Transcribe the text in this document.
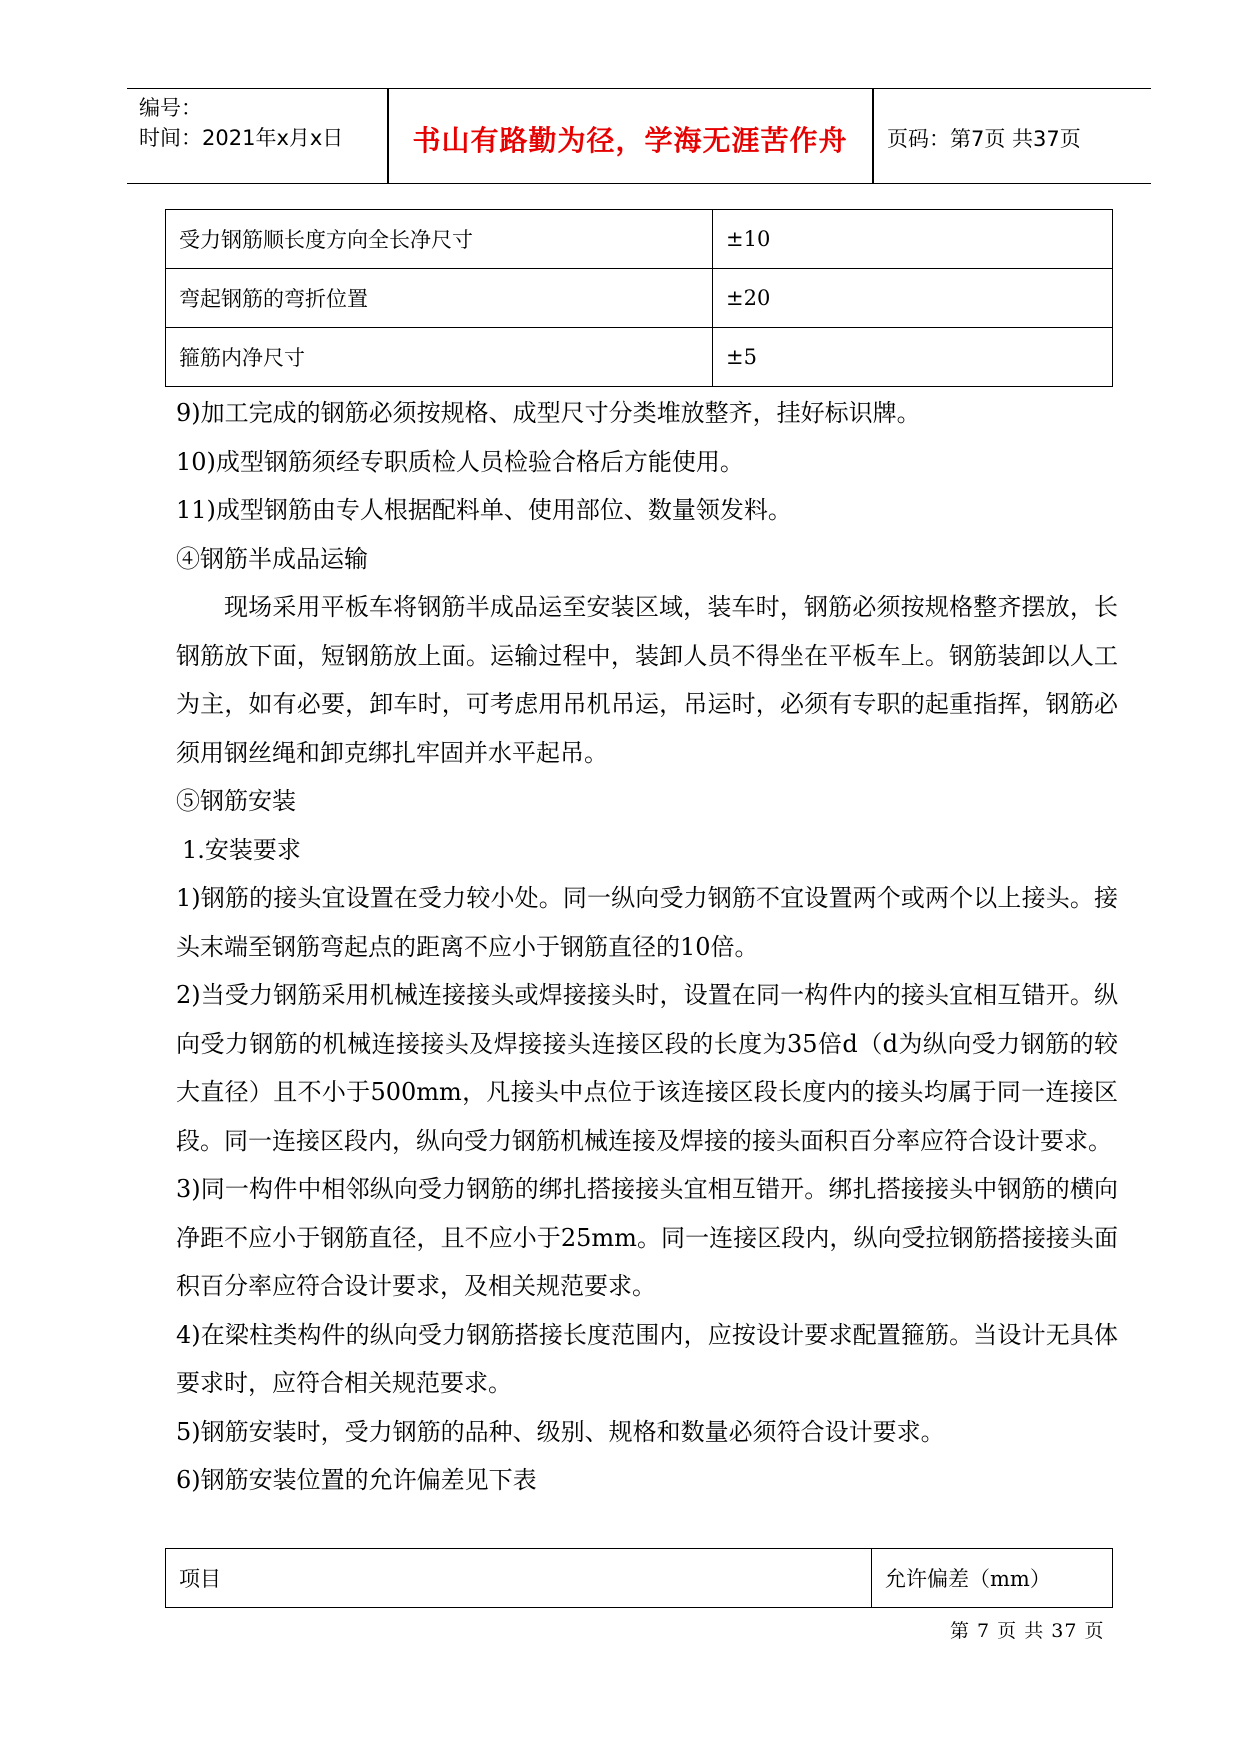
编号：
时间：2021年x月x日	书山有路勤为径，学海无涯苦作舟	页码：第7页 共37页
受力钢筋顺长度方向全长净尺寸	±10
弯起钢筋的弯折位置	±20
箍筋内净尺寸	±5

9)加工完成的钢筋必须按规格、成型尺寸分类堆放整齐，挂好标识牌。

10)成型钢筋须经专职质检人员检验合格后方能使用。

11)成型钢筋由专人根据配料单、使用部位、数量领发料。

④钢筋半成品运输

现场采用平板车将钢筋半成品运至安装区域，装车时，钢筋必须按规格整齐摆放，长钢筋放下面，短钢筋放上面。运输过程中，装卸人员不得坐在平板车上。钢筋装卸以人工为主，如有必要，卸车时，可考虑用吊机吊运，吊运时，必须有专职的起重指挥，钢筋必须用钢丝绳和卸克绑扎牢固并水平起吊。

⑤钢筋安装

1.安装要求

1)钢筋的接头宜设置在受力较小处。同一纵向受力钢筋不宜设置两个或两个以上接头。接头末端至钢筋弯起点的距离不应小于钢筋直径的10倍。

2)当受力钢筋采用机械连接接头或焊接接头时，设置在同一构件内的接头宜相互错开。纵向受力钢筋的机械连接接头及焊接接头连接区段的长度为35倍d（d为纵向受力钢筋的较大直径）且不小于500mm，凡接头中点位于该连接区段长度内的接头均属于同一连接区段。同一连接区段内，纵向受力钢筋机械连接及焊接的接头面积百分率应符合设计要求。

3)同一构件中相邻纵向受力钢筋的绑扎搭接接头宜相互错开。绑扎搭接接头中钢筋的横向净距不应小于钢筋直径，且不应小于25mm。同一连接区段内，纵向受拉钢筋搭接接头面积百分率应符合设计要求，及相关规范要求。

4)在梁柱类构件的纵向受力钢筋搭接长度范围内，应按设计要求配置箍筋。当设计无具体要求时，应符合相关规范要求。

5)钢筋安装时，受力钢筋的品种、级别、规格和数量必须符合设计要求。

6)钢筋安装位置的允许偏差见下表

项目	允许偏差（mm）
第 7 页 共 37 页
